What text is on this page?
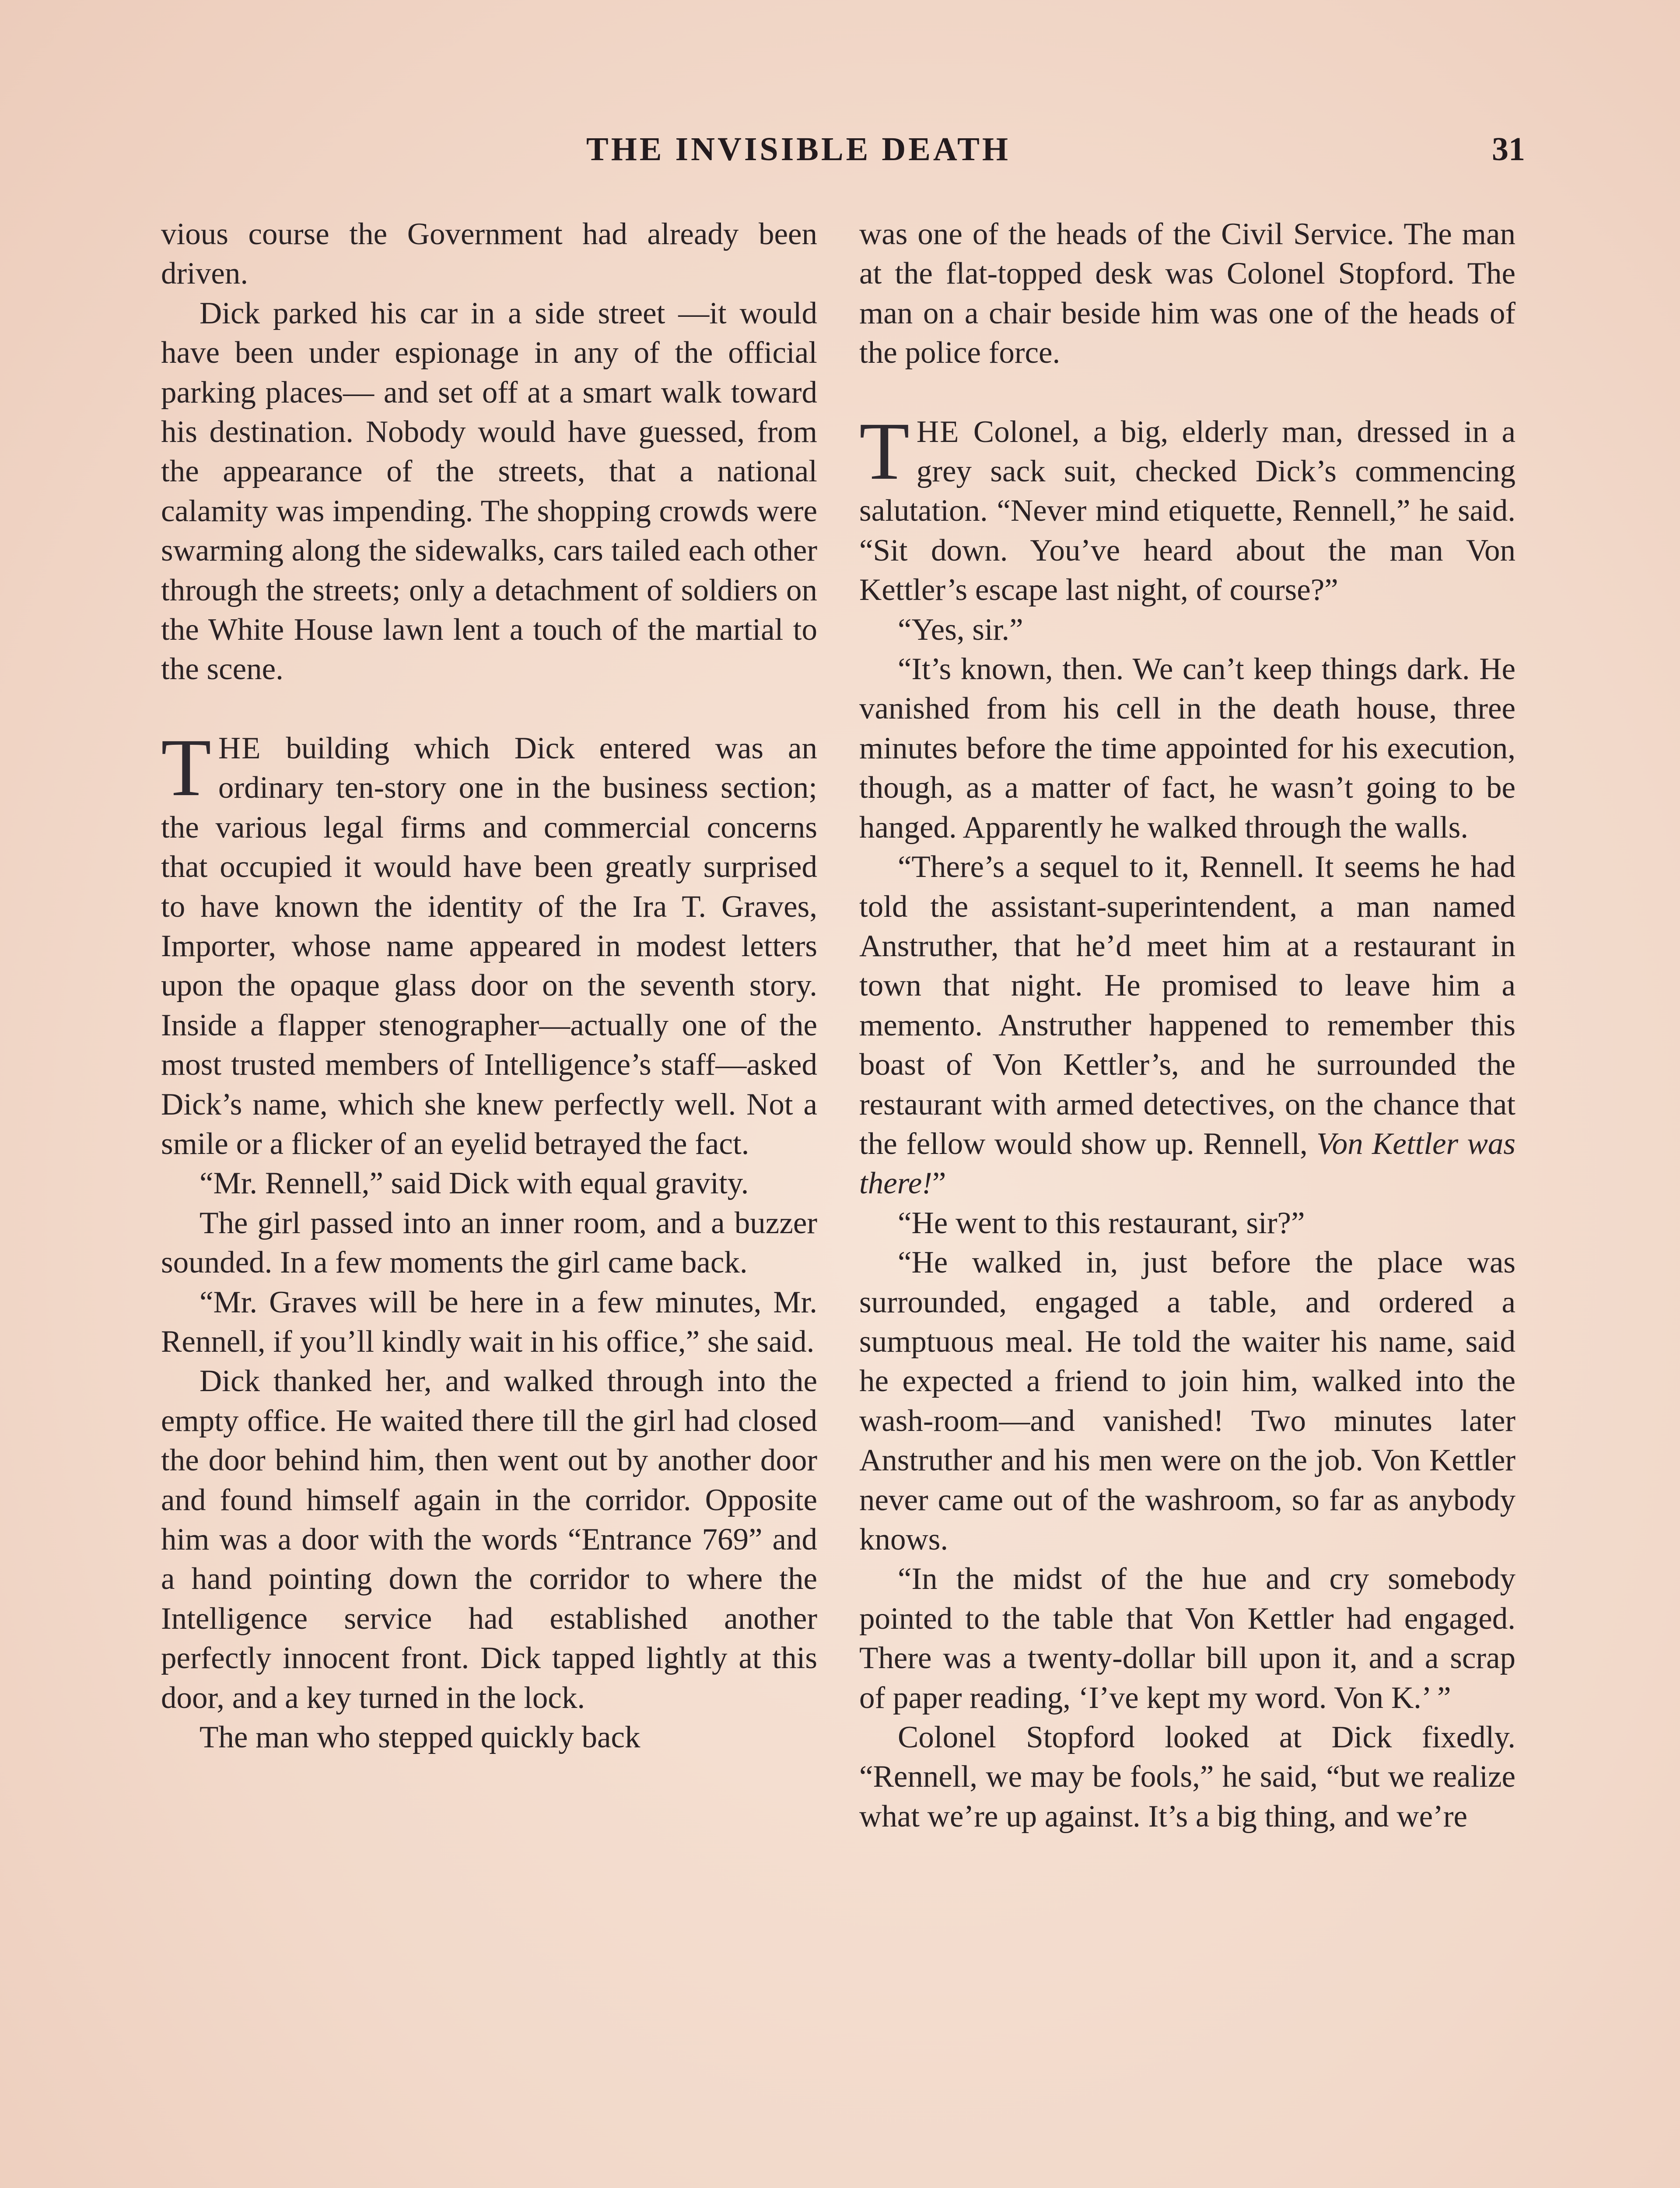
THE INVISIBLE DEATH	31

vious course the Government had already been driven.

Dick parked his car in a side street —it would have been under espionage in any of the official parking places— and set off at a smart walk toward his destination. Nobody would have guessed, from the appearance of the streets, that a national calamity was impending. The shopping crowds were swarming along the sidewalks, cars tailed each other through the streets; only a detachment of soldiers on the White House lawn lent a touch of the martial to the scene.

THE building which Dick entered was an ordinary ten-story one in the business section; the various legal firms and commercial concerns that occupied it would have been greatly surprised to have known the identity of the Ira T. Graves, Importer, whose name appeared in modest letters upon the opaque glass door on the seventh story. Inside a flapper stenographer—actually one of the most trusted members of Intelligence’s staff—asked Dick’s name, which she knew perfectly well. Not a smile or a flicker of an eyelid betrayed the fact.

“Mr. Rennell,” said Dick with equal gravity.

The girl passed into an inner room, and a buzzer sounded. In a few moments the girl came back.

“Mr. Graves will be here in a few minutes, Mr. Rennell, if you’ll kindly wait in his office,” she said.

Dick thanked her, and walked through into the empty office. He waited there till the girl had closed the door behind him, then went out by another door and found himself again in the corridor. Opposite him was a door with the words “Entrance 769” and a hand pointing down the corridor to where the Intelligence service had established another perfectly innocent front. Dick tapped lightly at this door, and a key turned in the lock.

The man who stepped quickly back

was one of the heads of the Civil Service. The man at the flat-topped desk was Colonel Stopford. The man on a chair beside him was one of the heads of the police force.

THE Colonel, a big, elderly man, dressed in a grey sack suit, checked Dick’s commencing salutation. “Never mind etiquette, Rennell,” he said. “Sit down. You’ve heard about the man Von Kettler’s escape last night, of course?”

“Yes, sir.”

“It’s known, then. We can’t keep things dark. He vanished from his cell in the death house, three minutes before the time appointed for his execution, though, as a matter of fact, he wasn’t going to be hanged. Apparently he walked through the walls.

“There’s a sequel to it, Rennell. It seems he had told the assistant-superintendent, a man named Anstruther, that he’d meet him at a restaurant in town that night. He promised to leave him a memento. Anstruther happened to remember this boast of Von Kettler’s, and he surrounded the restaurant with armed detectives, on the chance that the fellow would show up. Rennell, Von Kettler was there!”

“He went to this restaurant, sir?”

“He walked in, just before the place was surrounded, engaged a table, and ordered a sumptuous meal. He told the waiter his name, said he expected a friend to join him, walked into the wash-room—and vanished! Two minutes later Anstruther and his men were on the job. Von Kettler never came out of the washroom, so far as anybody knows.

“In the midst of the hue and cry somebody pointed to the table that Von Kettler had engaged. There was a twenty-dollar bill upon it, and a scrap of paper reading, ‘I’ve kept my word. Von K.’ ”

Colonel Stopford looked at Dick fixedly. “Rennell, we may be fools,” he said, “but we realize what we’re up against. It’s a big thing, and we’re
